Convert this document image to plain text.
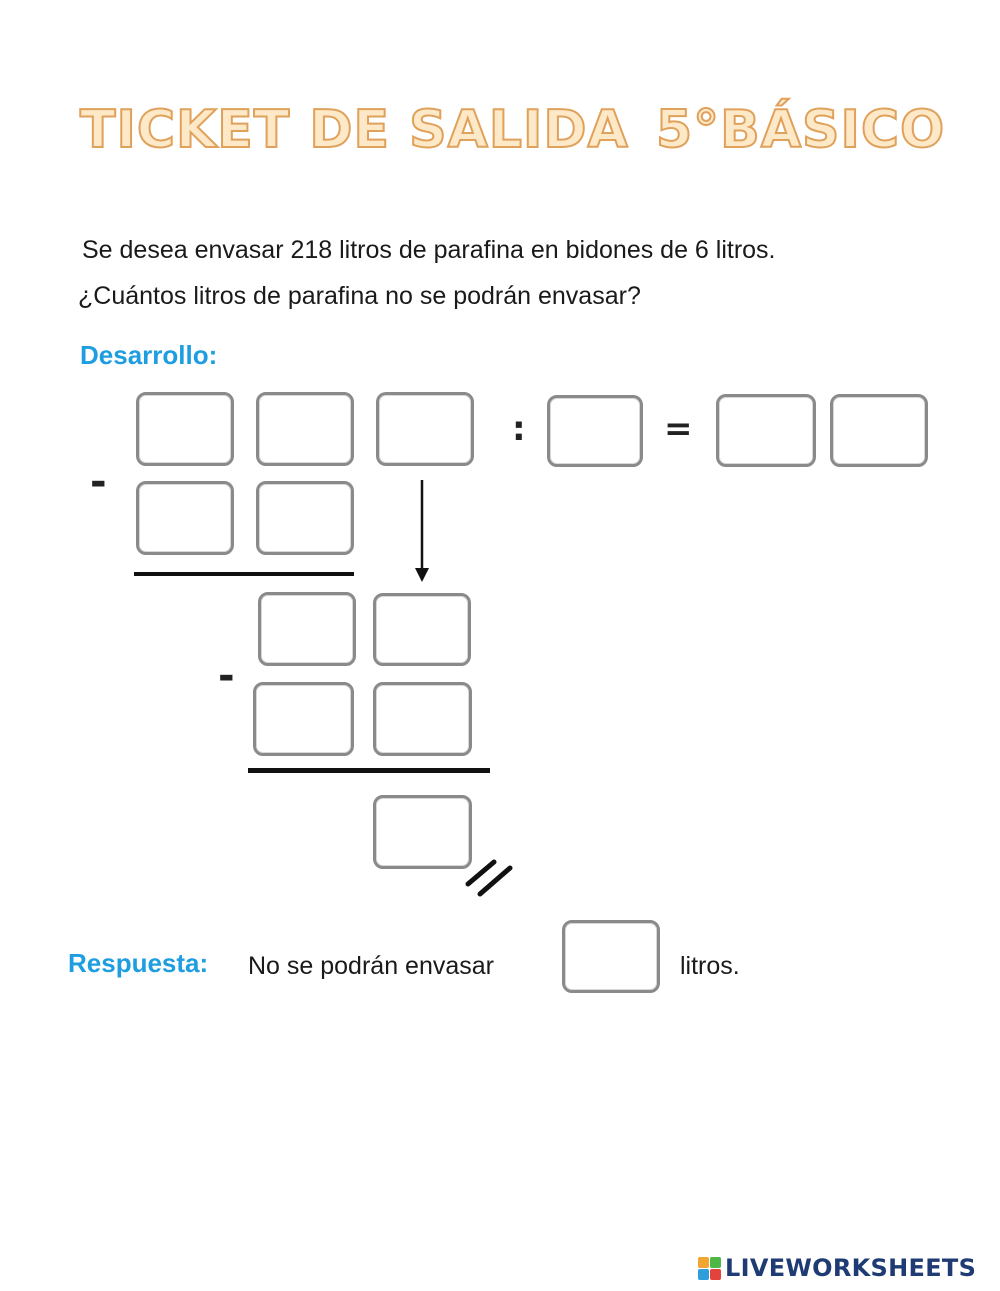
TICKET DE SALIDA 5°BÁSICO
Se desea envasar 218 litros de parafina en bidones de 6 litros.
¿Cuántos litros de parafina no se podrán envasar?
Desarrollo:
:	=
-
-
Respuesta: No se podrán envasar	litros.
LIVEWORKSHEETS
